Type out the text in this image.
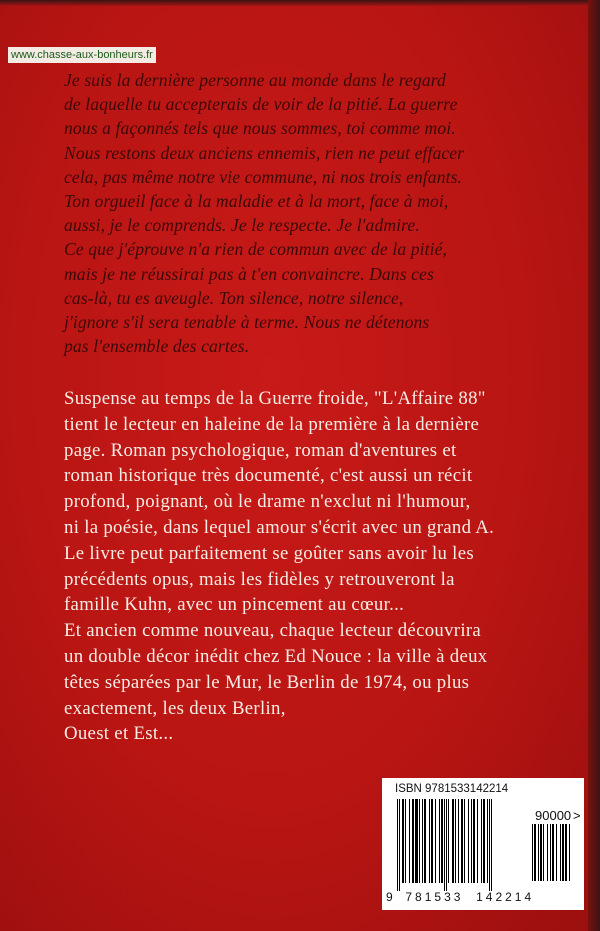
www.chasse-aux-bonheurs.fr
Je suis la dernière personne au monde dans le regard
de laquelle tu accepterais de voir de la pitié. La guerre
nous a façonnés tels que nous sommes, toi comme moi.
Nous restons deux anciens ennemis, rien ne peut effacer
cela, pas même notre vie commune, ni nos trois enfants.
Ton orgueil face à la maladie et à la mort, face à moi,
aussi, je le comprends. Je le respecte. Je l'admire.
Ce que j'éprouve n'a rien de commun avec de la pitié,
mais je ne réussirai pas à t'en convaincre. Dans ces
cas-là, tu es aveugle. Ton silence, notre silence,
j'ignore s'il sera tenable à terme. Nous ne détenons
pas l'ensemble des cartes.
Suspense au temps de la Guerre froide, "L'Affaire 88"
tient le lecteur en haleine de la première à la dernière
page. Roman psychologique, roman d'aventures et
roman historique très documenté, c'est aussi un récit
profond, poignant, où le drame n'exclut ni l'humour,
ni la poésie, dans lequel amour s'écrit avec un grand A.
Le livre peut parfaitement se goûter sans avoir lu les
précédents opus, mais les fidèles y retrouveront la
famille Kuhn, avec un pincement au cœur...
Et ancien comme nouveau, chaque lecteur découvrira
un double décor inédit chez Ed Nouce : la ville à deux
têtes séparées par le Mur, le Berlin de 1974, ou plus
exactement, les deux Berlin,
Ouest et Est...
ISBN 9781533142214
90000 >
9 781533 142214
